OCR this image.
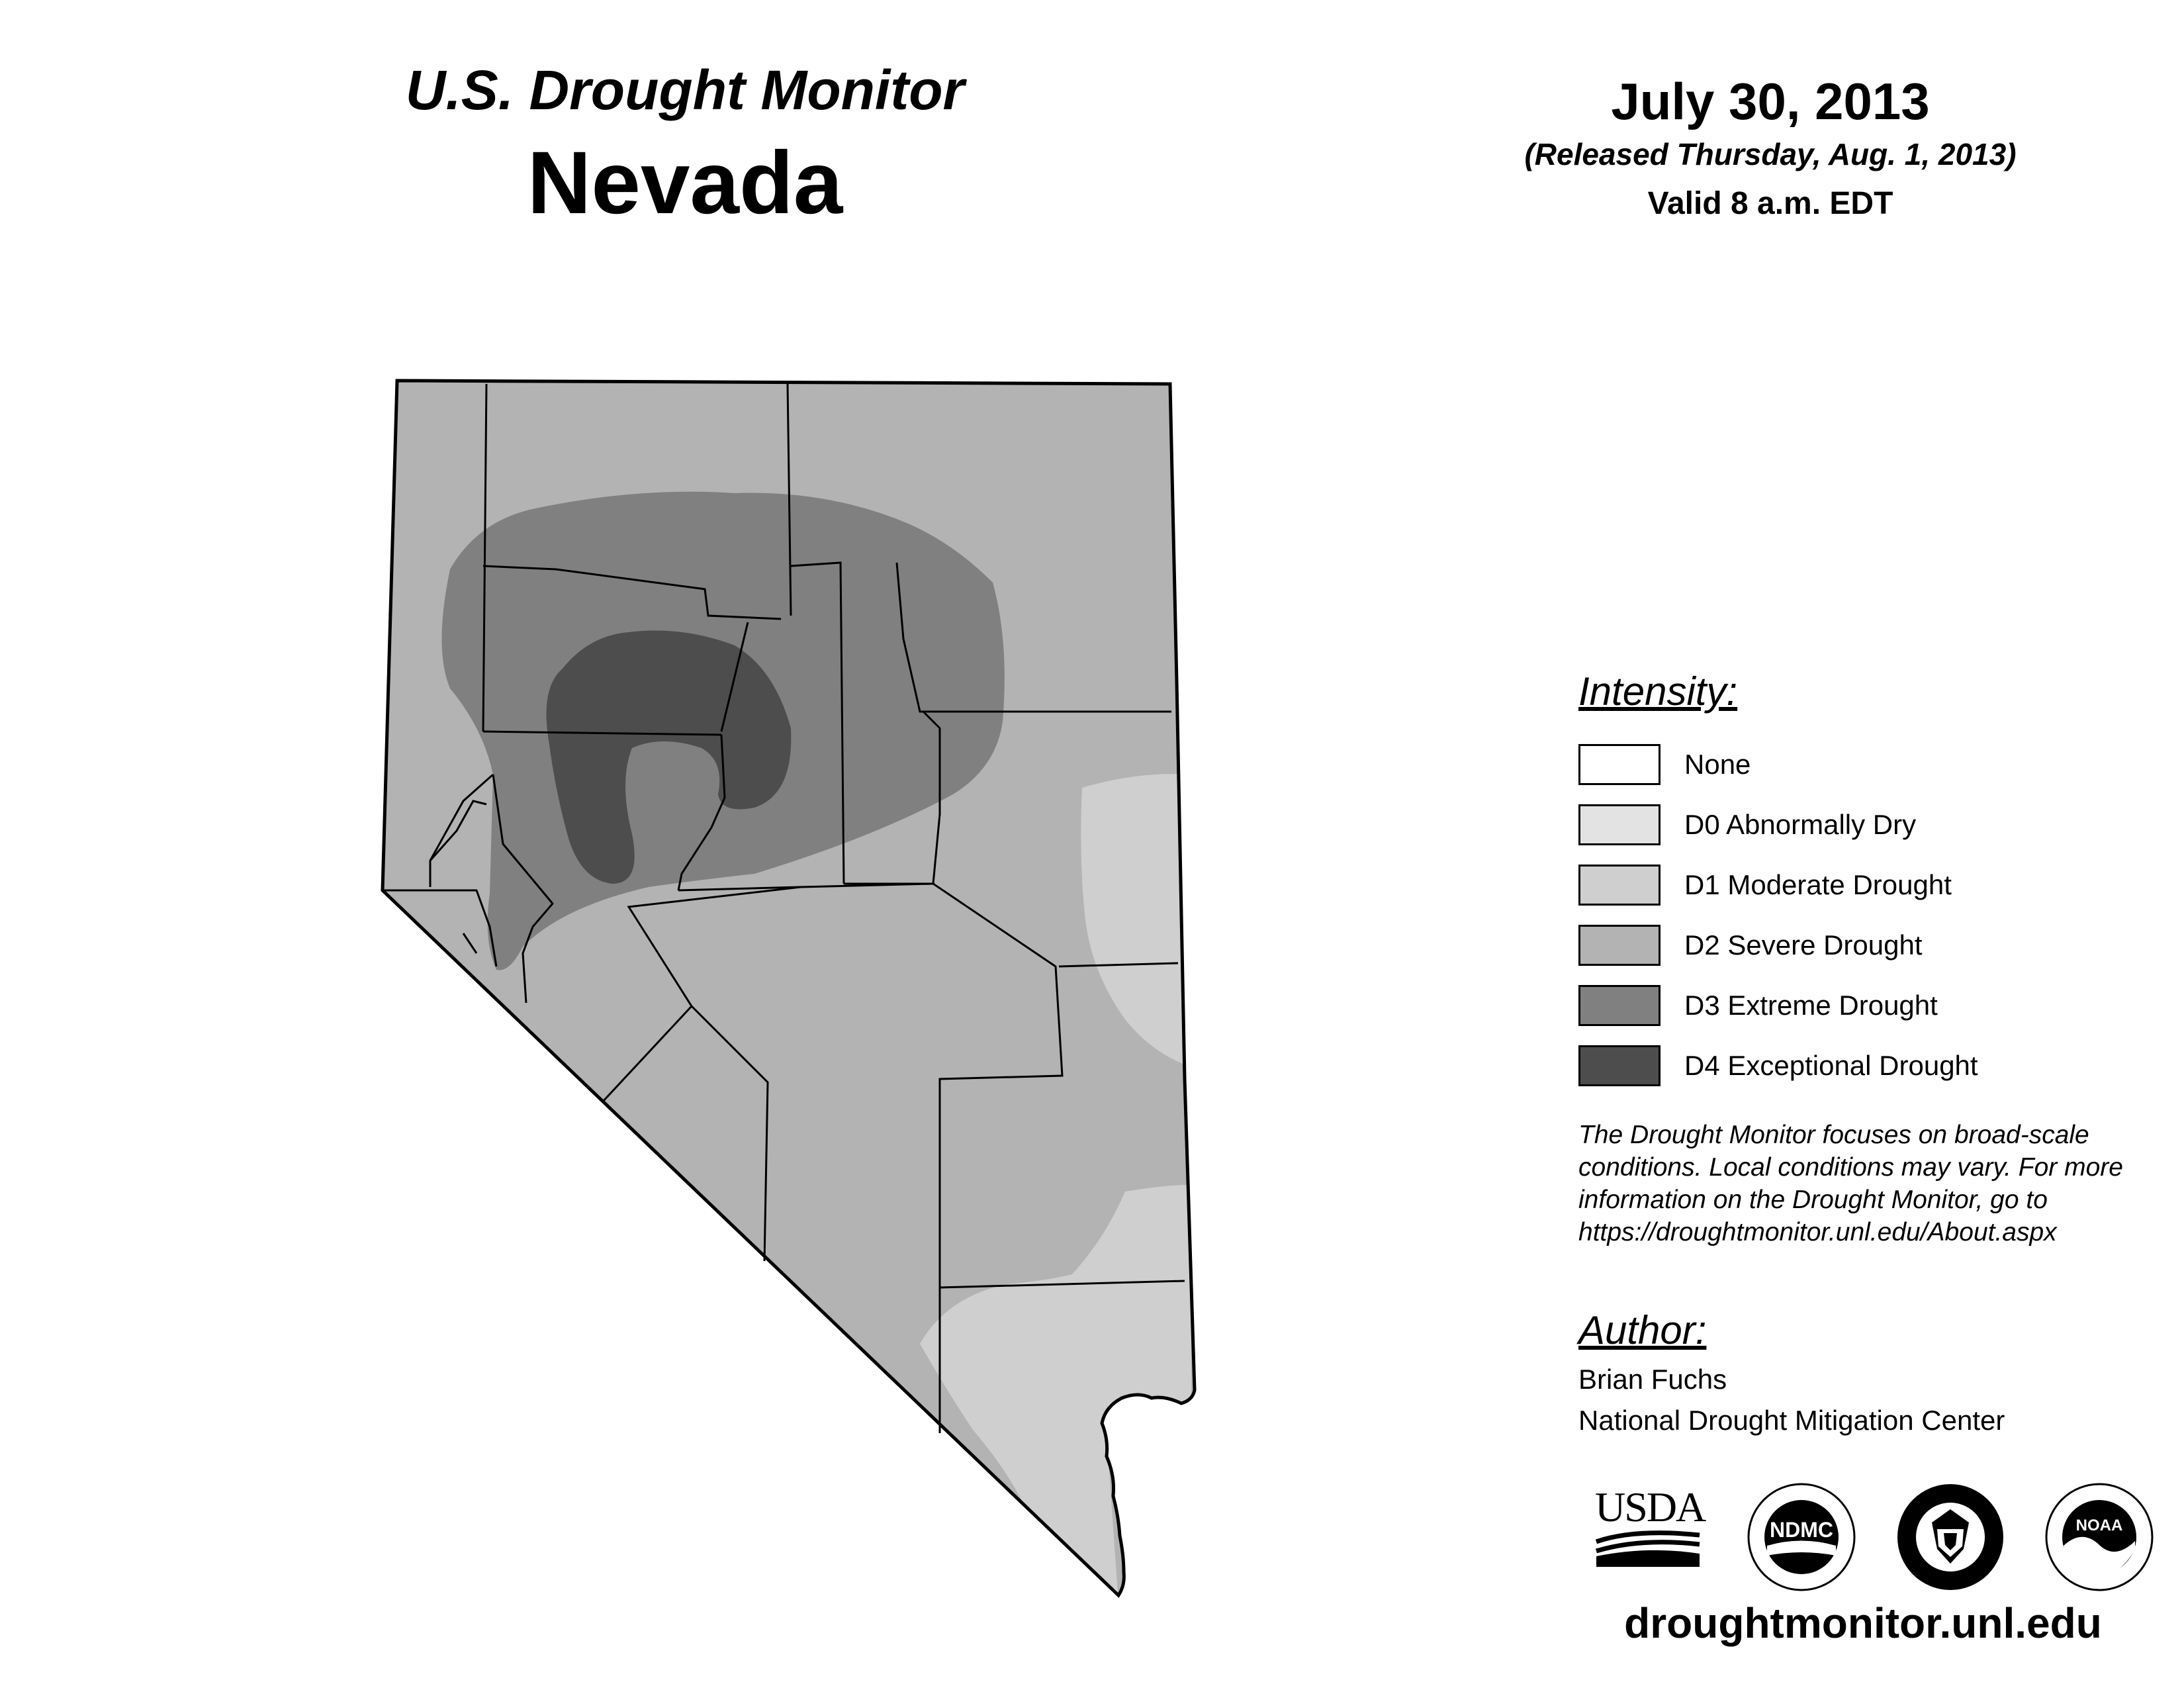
U.S. Drought Monitor
Nevada
July 30, 2013
(Released Thursday, Aug. 1, 2013)
Valid 8 a.m. EDT
Intensity:
None
D0 Abnormally Dry
D1 Moderate Drought
D2 Severe Drought
D3 Extreme Drought
D4 Exceptional Drought
The Drought Monitor focuses on broad-scale conditions. Local conditions may vary. For more information on the Drought Monitor, go to https://droughtmonitor.unl.edu/About.aspx
Author:
Brian Fuchs
National Drought Mitigation Center
USDA	NDMC	NOAA
droughtmonitor.unl.edu
